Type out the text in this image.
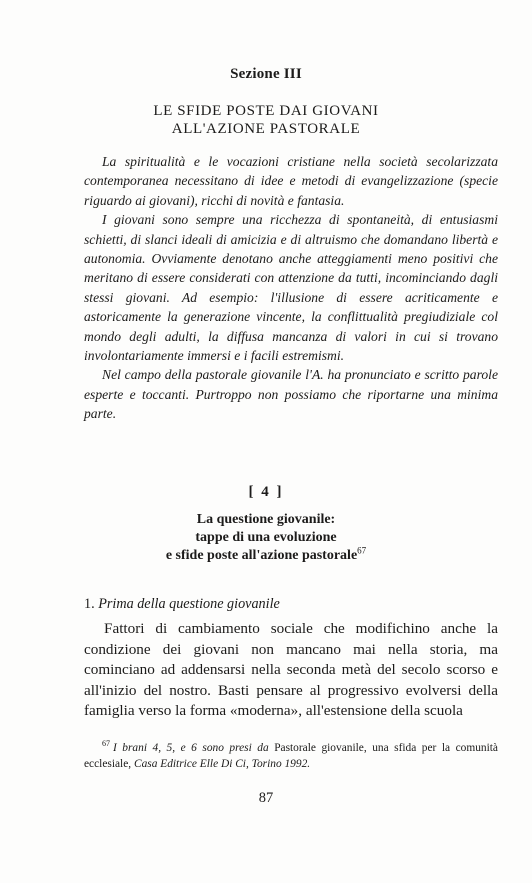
Sezione III
LE SFIDE POSTE DAI GIOVANI
ALL'AZIONE PASTORALE

La spiritualità e le vocazioni cristiane nella società secolarizzata contemporanea necessitano di idee e metodi di evangelizzazione (specie riguardo ai giovani), ricchi di novità e fantasia.

I giovani sono sempre una ricchezza di spontaneità, di entusiasmi schietti, di slanci ideali di amicizia e di altruismo che domandano libertà e autonomia. Ovviamente denotano anche atteggiamenti meno positivi che meritano di essere considerati con attenzione da tutti, incominciando dagli stessi giovani. Ad esempio: l'illusione di essere acriticamente e astoricamente la generazione vincente, la conflittualità pregiudiziale col mondo degli adulti, la diffusa mancanza di valori in cui si trovano involontariamente immersi e i facili estremismi.

Nel campo della pastorale giovanile l'A. ha pronunciato e scritto parole esperte e toccanti. Purtroppo non possiamo che riportarne una minima parte.

[ 4 ]
La questione giovanile:
tappe di una evoluzione
e sfide poste all'azione pastorale$^{67}$
1. Prima della questione giovanile

Fattori di cambiamento sociale che modifichino anche la condizione dei giovani non mancano mai nella storia, ma cominciano ad addensarsi nella seconda metà del secolo scorso e all'inizio del nostro. Basti pensare al progressivo evolversi della famiglia verso la forma «moderna», all'estensione della scuola

$^{67}$ I brani 4, 5, e 6 sono presi da Pastorale giovanile, una sfida per la comunità ecclesiale, Casa Editrice Elle Di Ci, Torino 1992.
87
